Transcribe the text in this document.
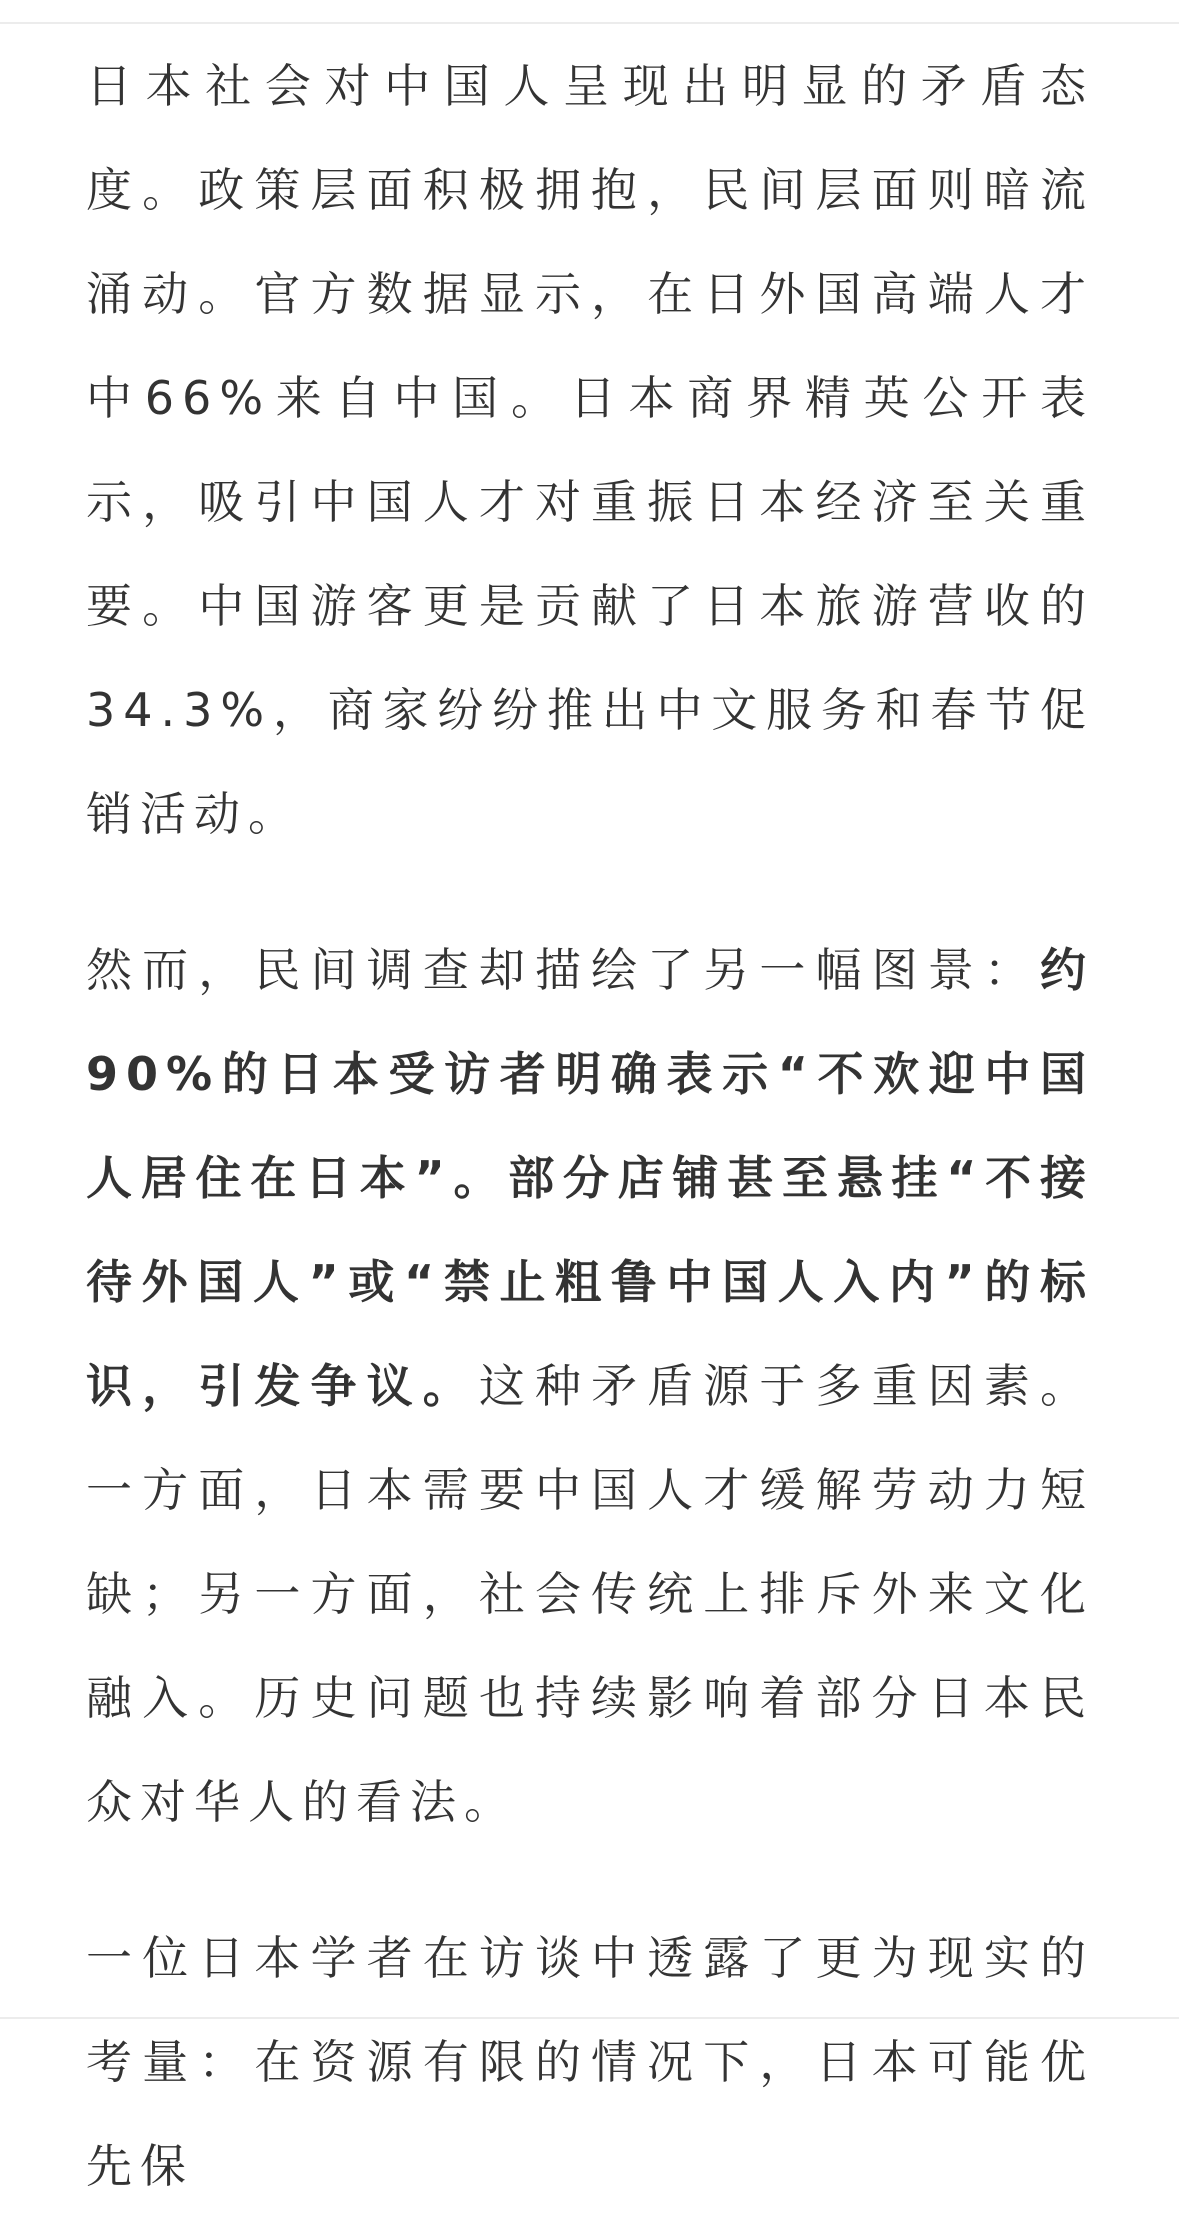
日本社会对中国人呈现出明显的矛盾态度。政策层面积极拥抱，民间层面则暗流涌动。官方数据显示，在日外国高端人才中66%来自中国。日本商界精英公开表示，吸引中国人才对重振日本经济至关重要。中国游客更是贡献了日本旅游营收的34.3%，商家纷纷推出中文服务和春节促销活动。

然而，民间调查却描绘了另一幅图景：约90%的日本受访者明确表示“不欢迎中国人居住在日本”。部分店铺甚至悬挂“不接待外国人”或“禁止粗鲁中国人入内”的标识，引发争议。这种矛盾源于多重因素。一方面，日本需要中国人才缓解劳动力短缺；另一方面，社会传统上排斥外来文化融入。历史问题也持续影响着部分日本民众对华人的看法。

一位日本学者在访谈中透露了更为现实的考量：在资源有限的情况下，日本可能优先保
